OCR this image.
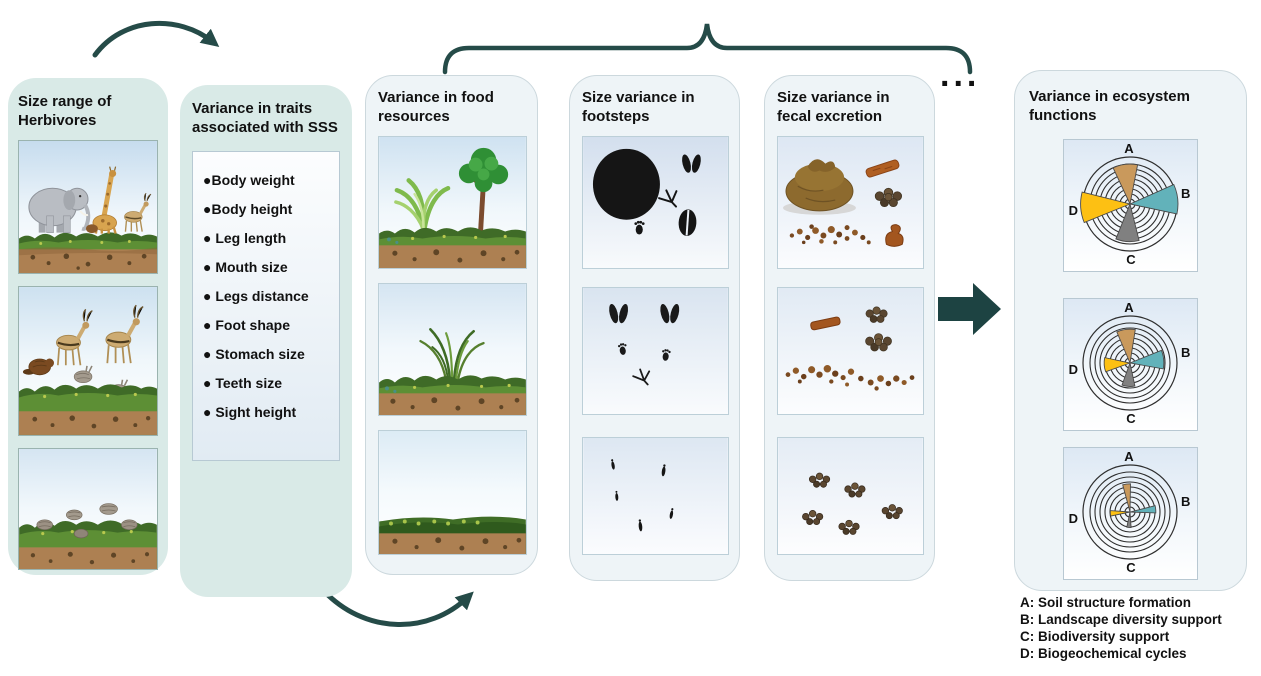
Size range of Herbivores
Variance in traits associated with SSS
●Body weight
●Body height
● Leg length
● Mouth size
● Legs distance
● Foot shape
● Stomach size
● Teeth size
● Sight height
Variance in food resources
Size variance in footsteps
Size variance in fecal excretion
...
Variance in ecosystem functions
A
B
C
D
A
B
C
D
A
B
C
D
A: Soil structure formation
B: Landscape diversity support
C: Biodiversity support
D: Biogeochemical cycles
